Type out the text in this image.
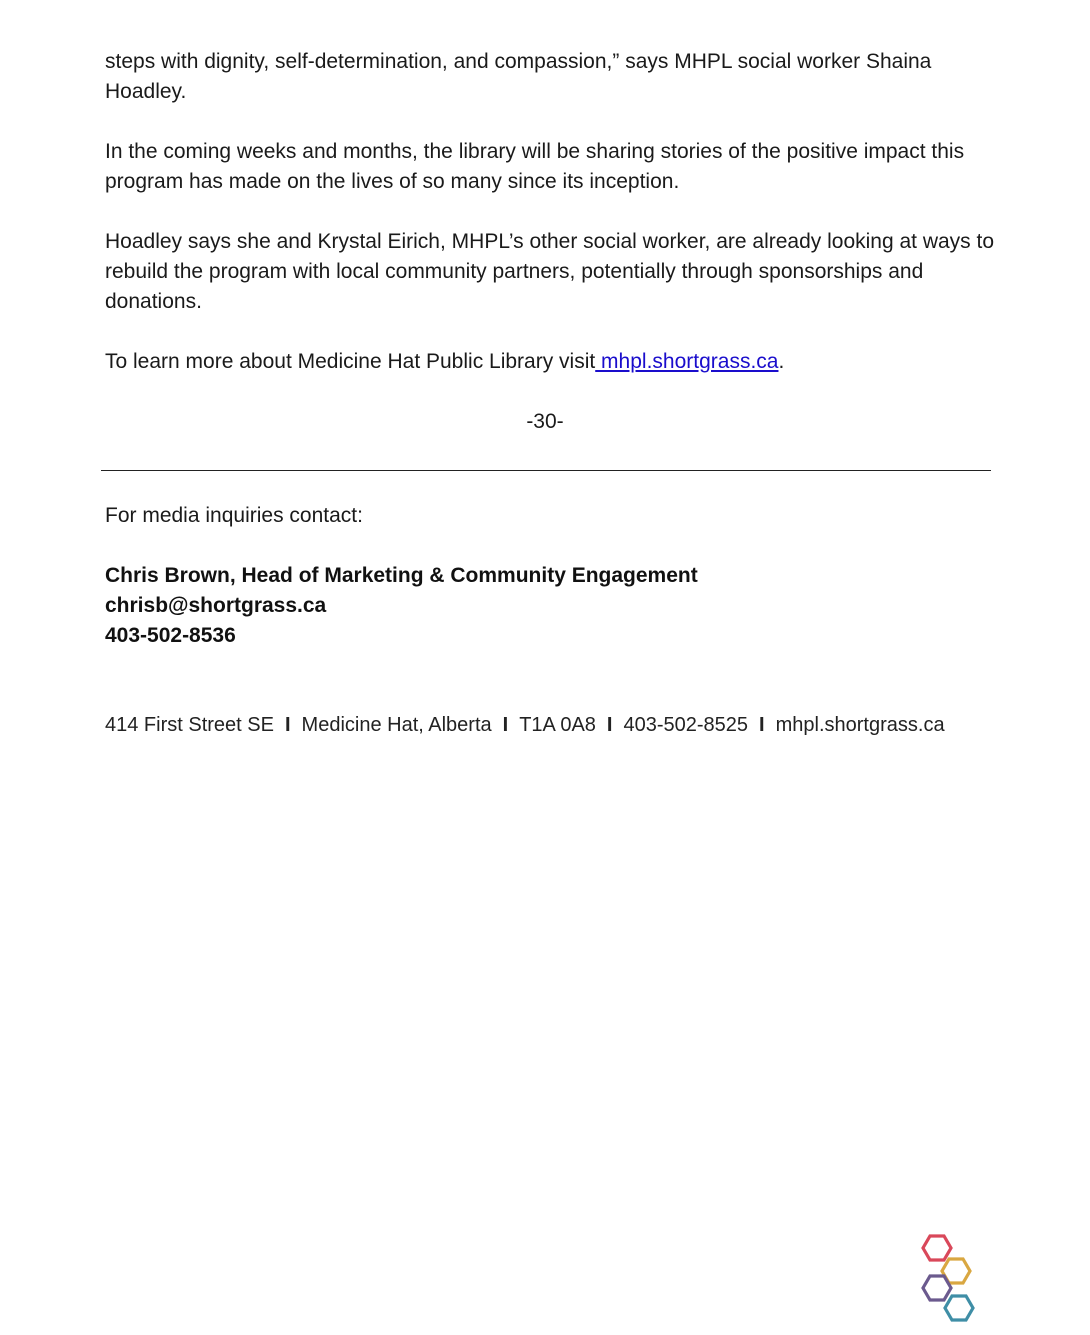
steps with dignity, self-determination, and compassion,” says MHPL social worker Shaina Hoadley.

In the coming weeks and months, the library will be sharing stories of the positive impact this program has made on the lives of so many since its inception.

Hoadley says she and Krystal Eirich, MHPL’s other social worker, are already looking at ways to rebuild the program with local community partners, potentially through sponsorships and donations.

To learn more about Medicine Hat Public Library visit mhpl.shortgrass.ca.

-30-
For media inquiries contact:
Chris Brown, Head of Marketing & Community Engagement
chrisb@shortgrass.ca
403-502-8536
414 First Street SE I Medicine Hat, Alberta I T1A 0A8 I 403-502-8525 I mhpl.shortgrass.ca
